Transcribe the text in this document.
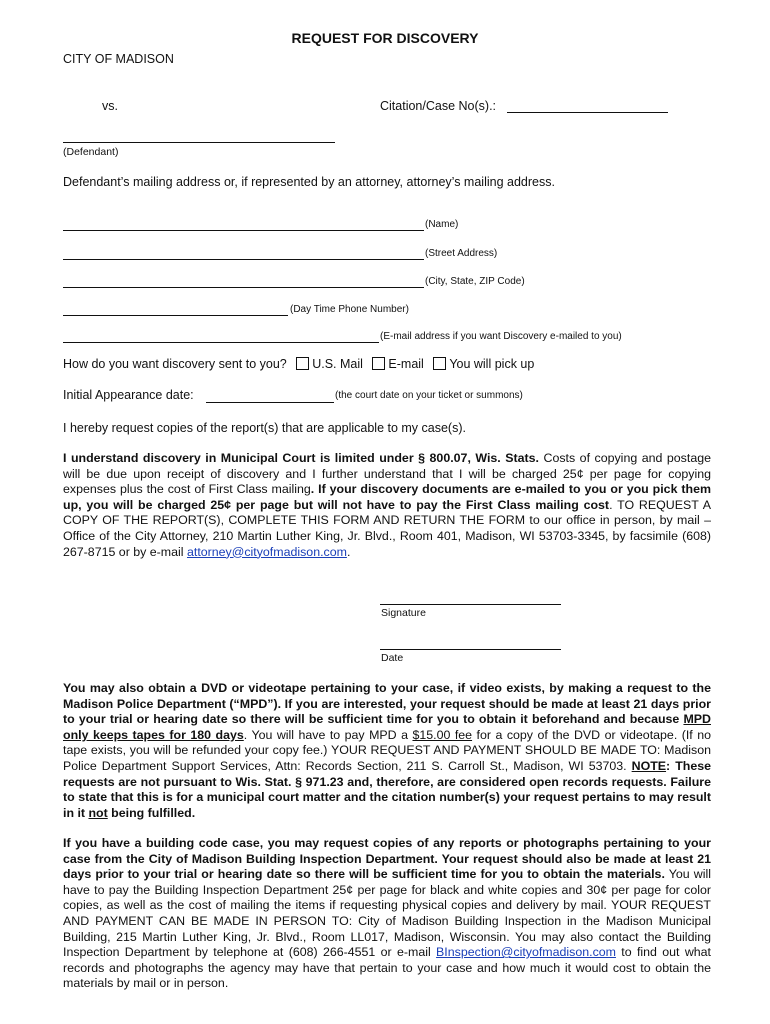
REQUEST FOR DISCOVERY
CITY OF MADISON
vs.	Citation/Case No(s).:
(Defendant)
Defendant’s mailing address or, if represented by an attorney, attorney’s mailing address.
(Name)
(Street Address)
(City, State, ZIP Code)
(Day Time Phone Number)
(E-mail address if you want Discovery e-mailed to you)
How do you want discovery sent to you? U.S. Mail E-mail You will pick up
Initial Appearance date:	(the court date on your ticket or summons)
I hereby request copies of the report(s) that are applicable to my case(s).
I understand discovery in Municipal Court is limited under § 800.07, Wis. Stats. Costs of copying and postage will be due upon receipt of discovery and I further understand that I will be charged 25¢ per page for copying expenses plus the cost of First Class mailing. If your discovery documents are e-mailed to you or you pick them up, you will be charged 25¢ per page but will not have to pay the First Class mailing cost. TO REQUEST A COPY OF THE REPORT(S), COMPLETE THIS FORM AND RETURN THE FORM to our office in person, by mail – Office of the City Attorney, 210 Martin Luther King, Jr. Blvd., Room 401, Madison, WI 53703-3345, by facsimile (608) 267-8715 or by e-mail attorney@cityofmadison.com.
Signature
Date
You may also obtain a DVD or videotape pertaining to your case, if video exists, by making a request to the Madison Police Department (“MPD”). If you are interested, your request should be made at least 21 days prior to your trial or hearing date so there will be sufficient time for you to obtain it beforehand and because MPD only keeps tapes for 180 days. You will have to pay MPD a $15.00 fee for a copy of the DVD or videotape. (If no tape exists, you will be refunded your copy fee.) YOUR REQUEST AND PAYMENT SHOULD BE MADE TO: Madison Police Department Support Services, Attn: Records Section, 211 S. Carroll St., Madison, WI 53703. NOTE: These requests are not pursuant to Wis. Stat. § 971.23 and, therefore, are considered open records requests. Failure to state that this is for a municipal court matter and the citation number(s) your request pertains to may result in it not being fulfilled.
If you have a building code case, you may request copies of any reports or photographs pertaining to your case from the City of Madison Building Inspection Department. Your request should also be made at least 21 days prior to your trial or hearing date so there will be sufficient time for you to obtain the materials. You will have to pay the Building Inspection Department 25¢ per page for black and white copies and 30¢ per page for color copies, as well as the cost of mailing the items if requesting physical copies and delivery by mail. YOUR REQUEST AND PAYMENT CAN BE MADE IN PERSON TO: City of Madison Building Inspection in the Madison Municipal Building, 215 Martin Luther King, Jr. Blvd., Room LL017, Madison, Wisconsin. You may also contact the Building Inspection Department by telephone at (608) 266-4551 or e-mail BInspection@cityofmadison.com to find out what records and photographs the agency may have that pertain to your case and how much it would cost to obtain the materials by mail or in person.
